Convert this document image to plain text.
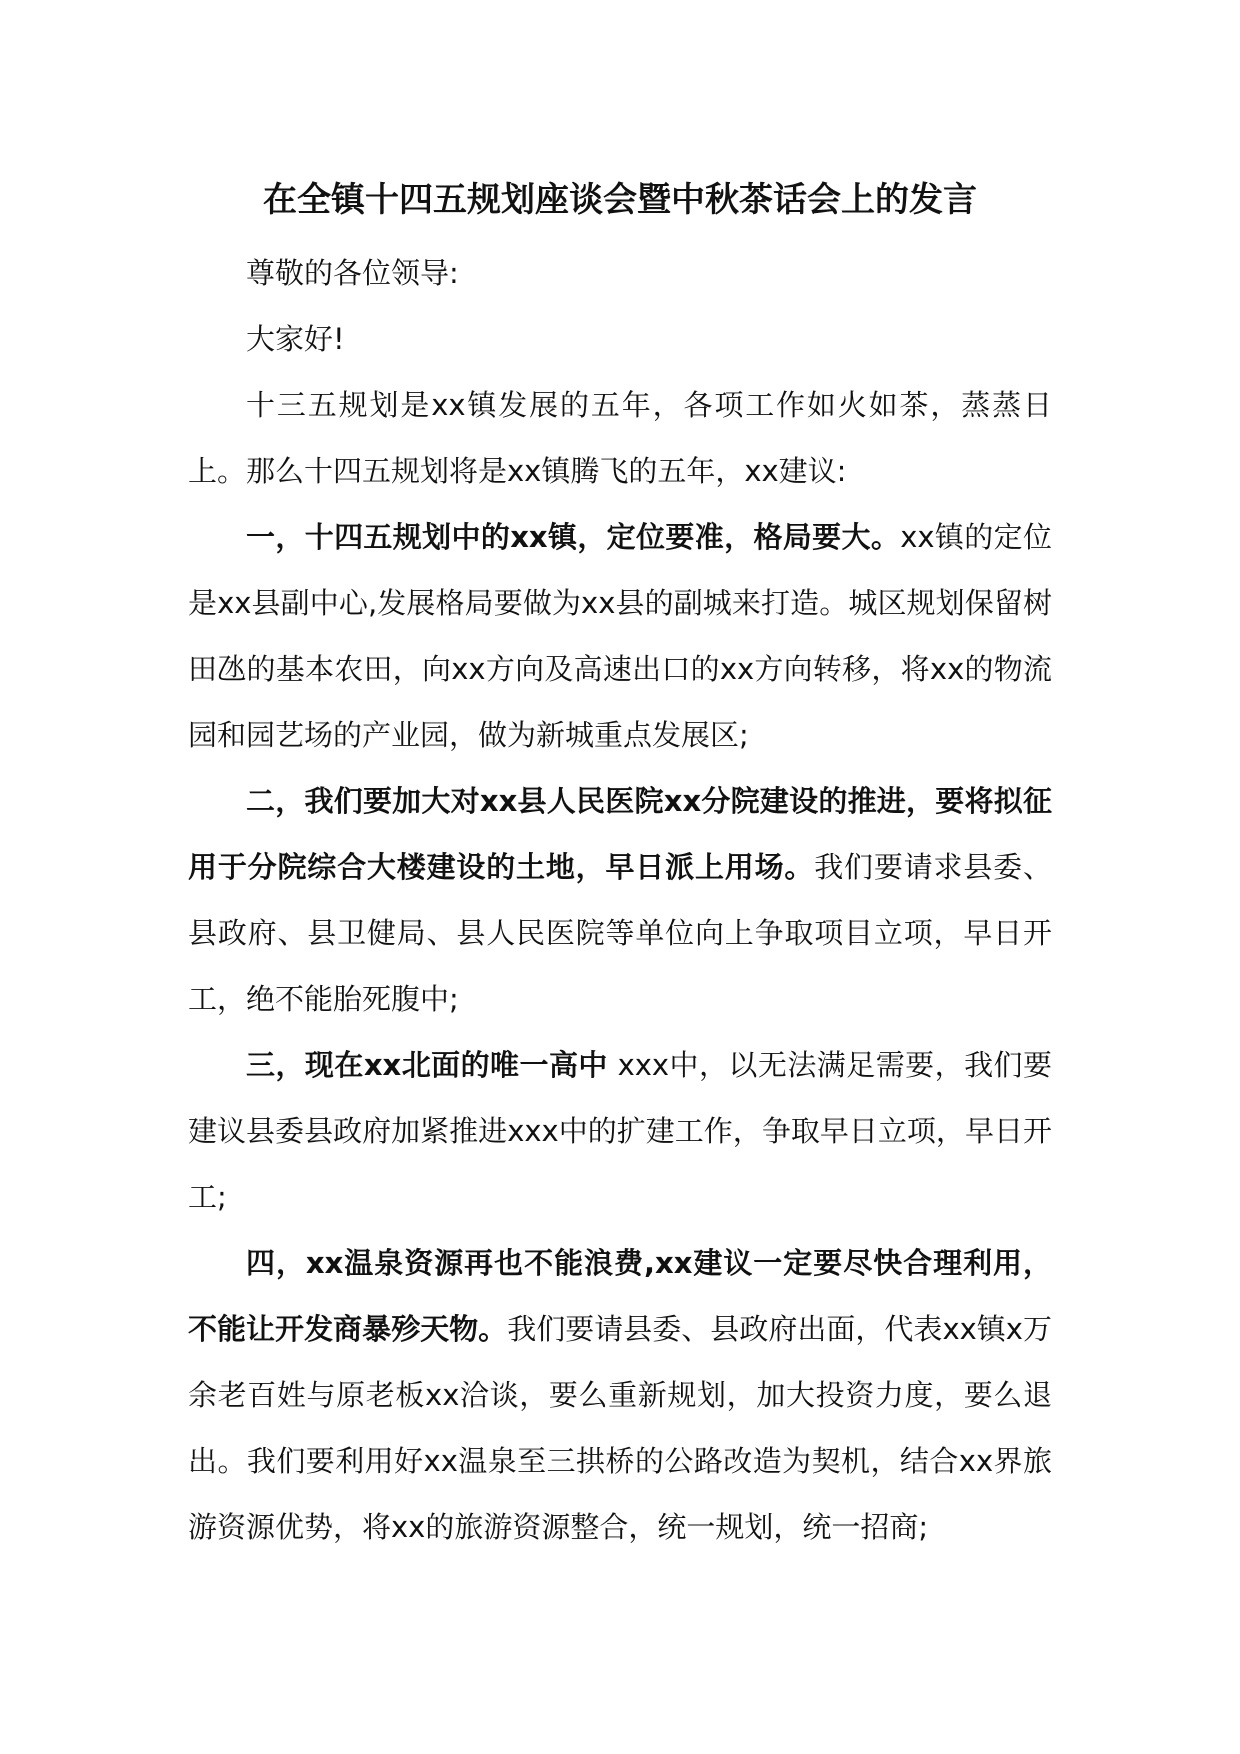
在全镇十四五规划座谈会暨中秋茶话会上的发言

尊敬的各位领导:

大家好!

十三五规划是xx镇发展的五年，各项工作如火如茶，蒸蒸日上。那么十四五规划将是xx镇腾飞的五年，xx建议:

一，十四五规划中的xx镇，定位要准，格局要大。xx镇的定位是xx县副中心,发展格局要做为xx县的副城来打造。城区规划保留树田氹的基本农田，向xx方向及高速出口的xx方向转移，将xx的物流园和园艺场的产业园，做为新城重点发展区;

二，我们要加大对xx县人民医院xx分院建设的推进，要将拟征用于分院综合大楼建设的土地，早日派上用场。我们要请求县委、县政府、县卫健局、县人民医院等单位向上争取项目立项，早日开工，绝不能胎死腹中;

三，现在xx北面的唯一高中 xxx中，以无法满足需要，我们要建议县委县政府加紧推进xxx中的扩建工作，争取早日立项，早日开工;

四，xx温泉资源再也不能浪费,xx建议一定要尽快合理利用，不能让开发商暴殄天物。我们要请县委、县政府出面，代表xx镇x万余老百姓与原老板xx洽谈，要么重新规划，加大投资力度，要么退出。我们要利用好xx温泉至三拱桥的公路改造为契机，结合xx界旅游资源优势，将xx的旅游资源整合，统一规划，统一招商;
